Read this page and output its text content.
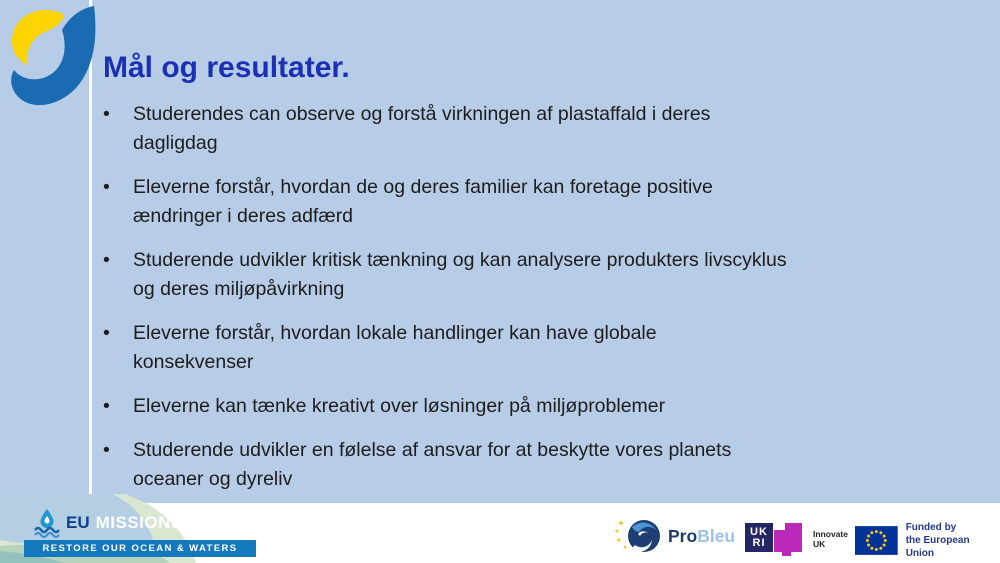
Mål og resultater.
•	Studerendes can observe og forstå virkningen af plastaffald i deres
dagligdag
•	Eleverne forstår, hvordan de og deres familier kan foretage positive
ændringer i deres adfærd
•	Studerende udvikler kritisk tænkning og kan analysere produkters livscyklus
og deres miljøpåvirkning
•	Eleverne forstår, hvordan lokale handlinger kan have globale
konsekvenser
•	Eleverne kan tænke kreativt over løsninger på miljøproblemer
•	Studerende udvikler en følelse af ansvar for at beskytte vores planets
oceaner og dyreliv
EU MISSIONS
RESTORE OUR OCEAN & WATERS
ProBleu UK
RI
Innovate
UK
Funded by
the European Union
